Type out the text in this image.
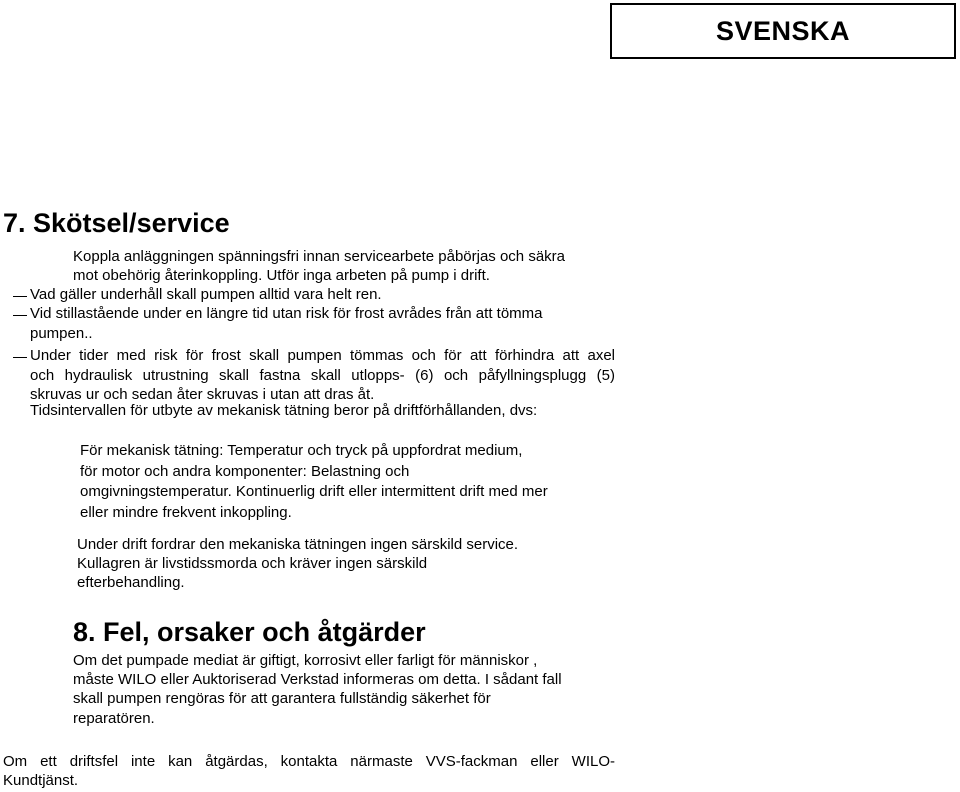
SVENSKA
7. Skötsel/service
Koppla anläggningen spänningsfri innan servicearbete påbörjas och säkra
mot obehörig återinkoppling. Utför inga arbeten på pump i drift.
Vad gäller underhåll skall pumpen alltid vara helt ren.
Vid stillastående under en längre tid utan risk för frost avrådes från att tömma
pumpen..
Under tider med risk för frost skall pumpen tömmas och för att förhindra att axel
och hydraulisk utrustning skall fastna skall utlopps- (6) och påfyllningsplugg (5)
skruvas ur och sedan åter skruvas i utan att dras åt.
Tidsintervallen för utbyte av mekanisk tätning beror på driftförhållanden, dvs:
För mekanisk tätning: Temperatur och tryck på uppfordrat medium,
för motor och andra komponenter: Belastning och
omgivningstemperatur. Kontinuerlig drift eller intermittent drift med mer
eller mindre frekvent inkoppling.
Under drift fordrar den mekaniska tätningen ingen särskild service.
Kullagren är livstidssmorda och kräver ingen särskild
efterbehandling.
8. Fel, orsaker och åtgärder
Om det pumpade mediat är giftigt, korrosivt eller farligt för människor ,
måste WILO eller Auktoriserad Verkstad informeras om detta. I sådant fall
skall pumpen rengöras för att garantera fullständig säkerhet för
reparatören.
Om ett driftsfel inte kan åtgärdas, kontakta närmaste VVS-fackman eller WILO-
Kundtjänst.
